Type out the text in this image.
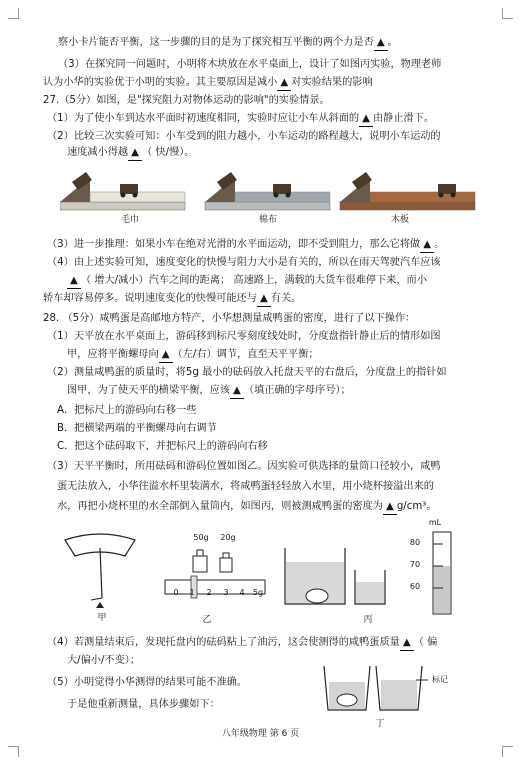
察小卡片能否平衡，这一步骤的目的是为了探究相互平衡的两个力是否 ▲ 。
（3）在探究同一问题时，小明将木块放在水平桌面上，设计了如图丙实验，物理老师
认为小华的实验优于小明的实验。其主要原因是减小 ▲ 对实验结果的影响
27.（5分）如图，是"探究阻力对物体运动的影响"的实验情景。
（1）为了使小车到达水平面时初速度相同，实验时应让小车从斜面的 ▲ 由静止滑下。
（2）比较三次实验可知：小车受到的阻力越小，小车运动的路程越大，说明小车运动的
速度减小得越 ▲ （ 快/慢）。
毛巾	棉布	木板
（3）进一步推理：如果小车在绝对光滑的水平面运动，即不受到阻力，那么它将做 ▲ 。
（4）由上述实验可知，速度变化的快慢与阻力大小是有关的，所以在雨天驾驶汽车应该
▲ （ 增大/减小）汽车之间的距离； 高速路上，满载的大货车很难停下来，而小
轿车却容易停多。说明速度变化的快慢可能还与 ▲ 有关。
28. （5分）咸鸭蛋是高邮地方特产，小华想测量咸鸭蛋的密度，进行了以下操作：
（1）天平放在水平桌面上，游码移到标尺零刻度线处时，分度盘指针静止后的情形如图
甲，应将平衡螺母向 ▲ （左/右）调节，直至天平平衡；
（2）测量咸鸭蛋的质量时，将5g 最小的砝码放入托盘天平的右盘后，分度盘上的指针如
图甲，为了使天平的横梁平衡，应该 ▲ （填正确的字母序号）；
A．把标尺上的游码向右移一些
B．把横梁两端的平衡螺母向右调节
C．把这个砝码取下，并把标尺上的游码向右移
（3）天平平衡时，所用砝码和游码位置如图乙。因实验可供选择的量筒口径较小，咸鸭
蛋无法放入，小华往溢水杯里装满水，将咸鸭蛋轻轻放入水里，用小烧杯接溢出来的
水，再把小烧杯里的水全部倒入量筒内，如图丙，则被测咸鸭蛋的密度为 ▲ g/cm³。
50g 20g
0	1	2	3	4	5g
mL
80
70
60
甲	乙	丙
（4）若测量结束后，发现托盘内的砝码粘上了油污，这会使测得的咸鸭蛋质量 ▲ （ 偏
大/偏小/不变）；
（5）小明觉得小华测得的结果可能不准确。
于是他重新测量，具体步骤如下：
标记
丁
八年级物理 第 6 页
